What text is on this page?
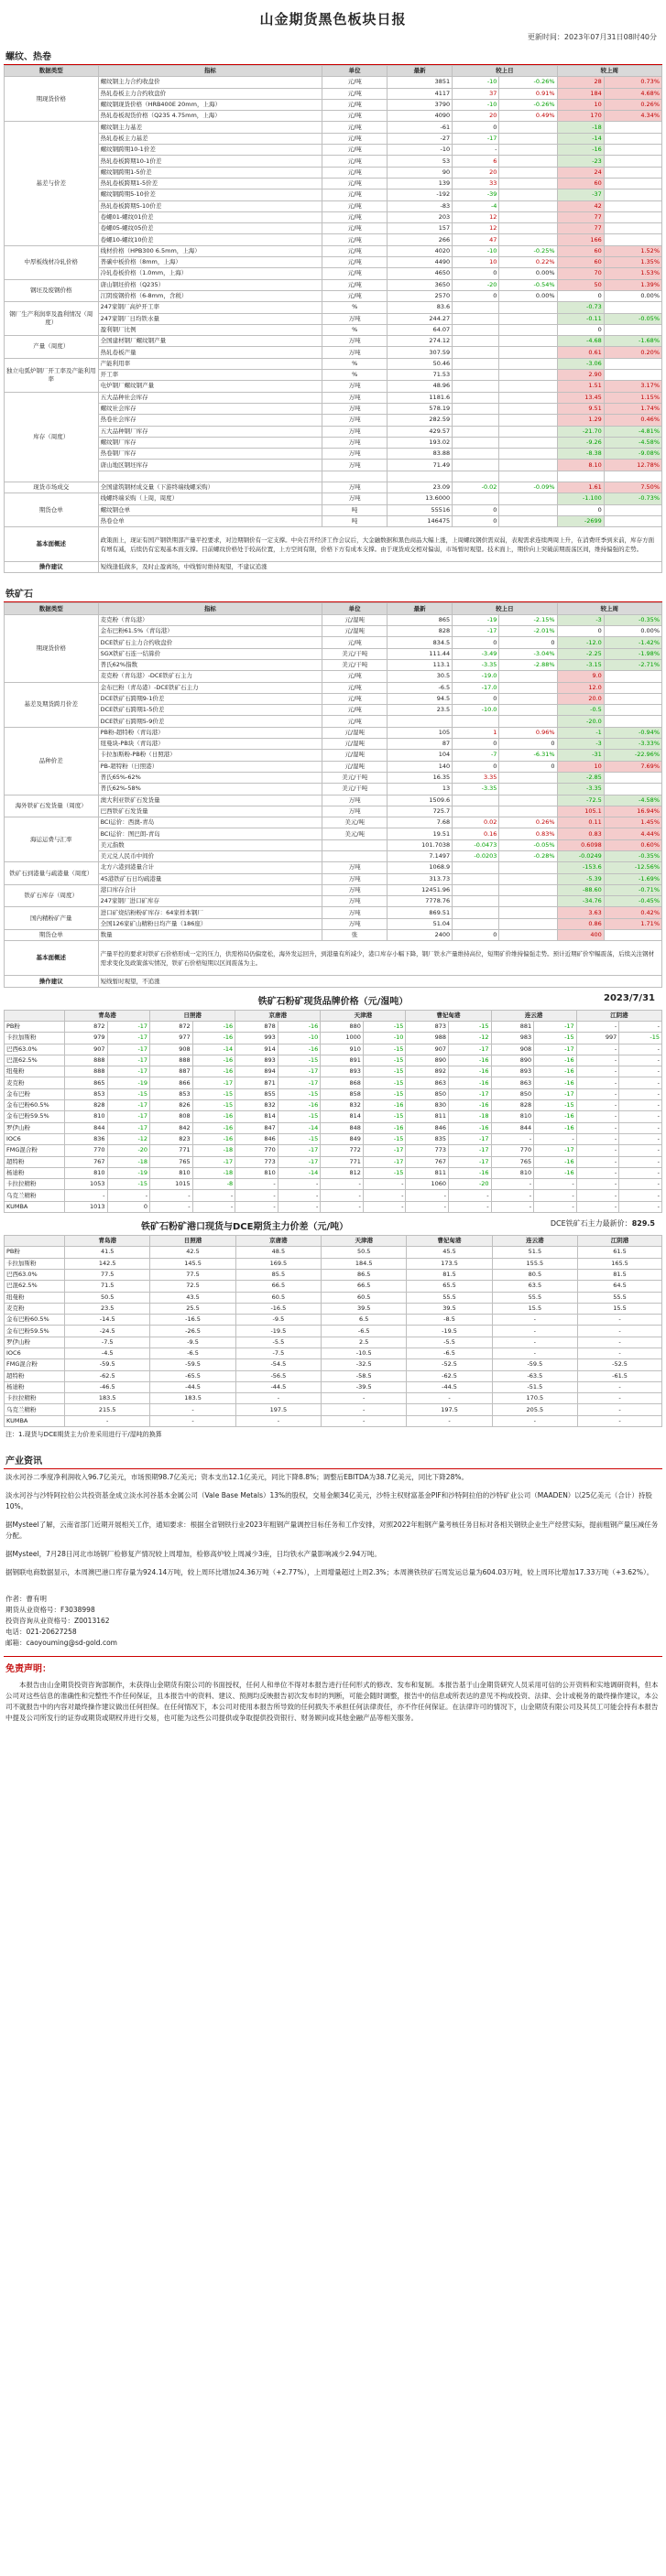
山金期货黑色板块日报
更新时间：2023年07月31日08时40分
螺纹、热卷
数据类型	指标	单位	最新	较上日		较上周	
期现货价格	螺纹钢主力合约收盘价	元/吨	3851	-10	-0.26%	28	0.73%
	热轧卷板主力合约收盘价	元/吨	4117	37	0.91%	184	4.68%
	螺纹钢现货价格（HRB400E 20mm，上海）	元/吨	3790	-10	-0.26%	10	0.26%
	热轧卷板现货价格（Q235 4.75mm，上海）	元/吨	4090	20	0.49%	170	4.34%
基差与价差	螺纹钢主力基差	元/吨	-61	0		-18	
	热轧卷板主力基差	元/吨	-27	-17		-14	
	螺纹钢跨期10-1价差	元/吨	-10	-		-16	
	热轧卷板跨期10-1价差	元/吨	53	6		-23	
	螺纹钢跨期1-5价差	元/吨	90	20		24	
	热轧卷板跨期1-5价差	元/吨	139	33		60	
	螺纹钢跨期5-10价差	元/吨	-192	-39		-37	
	热轧卷板跨期5-10价差	元/吨	-83	-4		42	
	卷螺01-螺纹01价差	元/吨	203	12		77	
	卷螺05-螺纹05价差	元/吨	157	12		77	
	卷螺10-螺纹10价差	元/吨	266	47		166	
中厚板线材冷轧价格	线材价格（HPB300 6.5mm，上海）	元/吨	4020	-10	-0.25%	60	1.52%
	普碳中板价格（8mm，上海）	元/吨	4490	10	0.22%	60	1.35%
	冷轧卷板价格（1.0mm，上海）	元/吨	4650	0	0.00%	70	1.53%
钢坯及废钢价格	唐山钢坯价格（Q235）	元/吨	3650	-20	-0.54%	50	1.39%
	江阴废钢价格（6-8mm，含税）	元/吨	2570	0	0.00%	0	0.00%
钢厂生产利润率及盈利情况（周度）	247家钢厂高炉开工率	%	83.6			-0.73	
	247家钢厂日均铁水量	万吨	244.27			-0.11	-0.05%
	盈利钢厂比例	%	64.07			0	
产量（周度）	全国建材钢厂螺纹钢产量	万吨	274.12			-4.68	-1.68%
	热轧卷板产量	万吨	307.59			0.61	0.20%
独立电弧炉钢厂开工率及产能利用率	产能利用率	%	50.46			-3.06	
	开工率	%	71.53			2.90	
	电炉钢厂螺纹钢产量	万吨	48.96			1.51	3.17%
库存（周度）	五大品种社会库存	万吨	1181.6			13.45	1.15%
	螺纹社会库存	万吨	578.19			9.51	1.74%
	热卷社会库存	万吨	282.59			1.29	0.46%
	五大品种钢厂库存	万吨	429.57			-21.70	-4.81%
	螺纹钢厂库存	万吨	193.02			-9.26	-4.58%
	热卷钢厂库存	万吨	83.88			-8.38	-9.08%
	唐山地区钢坯库存	万吨	71.49			8.10	12.78%

现货市场成交	全国建筑钢材成交量（下游终端线螺采购）	万吨	23.09	-0.02	-0.09%	1.61	7.50%
期货仓单	线螺终端采购（上周，周度）	万吨	13.6000			-1.100	-0.73%
	螺纹钢仓单	吨	55516	0		0	
	热卷仓单	吨	146475	0		-2699	
基本面概述	政策面上，现证有国产钢铁期部产量平控要求，对边期钢价有一定支撑。中央召开经济工作会议后，大金融数据和黑色商品大幅上涨，上周螺纹钢供需双弱，表观需求连续两周上升，在消费旺季到来前，库存方面有增有减，后续仍有宏观基本面支撑。目前螺纹价格处于较高位置，上方空间有限，价格下方有成本支撑。由于现货成交相对偏弱，市场暂时观望。技术面上，期价向上突破前期震荡区间，维持偏强的走势。						
操作建议	短线逢低做多，及时止盈离场，中线暂时维持观望，不建议追涨						
铁矿石
数据类型	指标	单位	最新	较上日		较上周	
期现货价格	麦克粉（青岛港）	元/湿吨	865	-19	-2.15%	-3	-0.35%
	金布巴粉61.5%（青岛港）	元/湿吨	828	-17	-2.01%	0	0.00%
	DCE铁矿石主力合约收盘价	元/吨	834.5	0	0	-12.0	-1.42%
	SGX铁矿石连一结算价	美元/干吨	111.44	-3.49	-3.04%	-2.25	-1.98%
	普氏62%指数	美元/干吨	113.1	-3.35	-2.88%	-3.15	-2.71%
	麦克粉（青岛港）-DCE铁矿石主力	元/吨	30.5	-19.0		9.0	
基差及期货跨月价差	金布巴粉（青岛港）-DCE铁矿石主力	元/吨	-6.5	-17.0		12.0	
	DCE铁矿石跨期9-1价差	元/吨	94.5	0		20.0	
	DCE铁矿石跨期1-5价差	元/吨	23.5	-10.0		-0.5	
	DCE铁矿石跨期5-9价差	元/吨				-20.0	
品种价差	PB粉-超特粉（青岛港）	元/湿吨	105	1	0.96%	-1	-0.94%
	纽曼块-PB块（青岛港）	元/湿吨	87	0	0	-3	-3.33%
	卡拉加斯粉-PB粉（日照港）	元/湿吨	104	-7	-6.31%	-31	-22.96%
	PB-超特粉（日照港）	元/湿吨	140	0	0	10	7.69%
	普氏65%-62%	美元/干吨	16.35	3.35		-2.85	
	普氏62%-58%	美元/干吨	13	-3.35		-3.35	
海外铁矿石发货量（周度）	澳大利亚铁矿石发货量	万吨	1509.6			-72.5	-4.58%
	巴西铁矿石发货量	万吨	725.7			105.1	16.94%
海运运费与汇率	BCI运价：西澳-青岛	美元/吨	7.68	0.02	0.26%	0.11	1.45%
	BCI运价：图巴朗-青岛	美元/吨	19.51	0.16	0.83%	0.83	4.44%
	美元指数		101.7038	-0.0473	-0.05%	0.6098	0.60%
	美元兑人民币中间价		7.1497	-0.0203	-0.28%	-0.0249	-0.35%
铁矿石到港量与疏港量（周度）	北方六港到港量合计	万吨	1068.9			-153.6	-12.56%
	45港铁矿石日均疏港量	万吨	313.73			-5.39	-1.69%
铁矿石库存（周度）	港口库存合计	万吨	12451.96			-88.60	-0.71%
	247家钢厂进口矿库存	万吨	7778.76			-34.76	-0.45%
国内精粉矿产量	进口矿烧结粉粉矿库存：64家样本钢厂	万吨	869.51			3.63	0.42%
	全国126家矿山精粉日均产量（186座）	万吨	51.04			0.86	1.71%
期货仓单	数量	张	2400	0		400	
基本面概述	产量平控的要求对铁矿石价格形成一定的压力，供需格局仍偏宽松，海外发运回升，到港量有所减少，港口库存小幅下降，钢厂铁水产量维持高位，短期矿价维持偏强走势。预计近期矿价窄幅震荡，后续关注钢材需求变化及政策落实情况，铁矿石价格短期以区间震荡为主。						
操作建议	短线暂时观望，不追涨						
铁矿石粉矿现货品牌价格（元/湿吨）	2023/7/31
	青岛港		日照港		京唐港		天津港		曹妃甸港		连云港		江阴港	
PB粉	872	-17	872	-16	878	-16	880	-15	873	-15	881	-17	-	-
卡拉加斯粉	979	-17	977	-16	993	-10	1000	-10	988	-12	983	-15	997	-15
巴西63.0%	907	-17	908	-14	914	-16	910	-15	907	-17	908	-17	-	-
巴混62.5%	888	-17	888	-16	893	-15	891	-15	890	-16	890	-16	-	-
纽曼粉	888	-17	887	-16	894	-17	893	-15	892	-16	893	-16	-	-
麦克粉	865	-19	866	-17	871	-17	868	-15	863	-16	863	-16	-	-
金布巴粉	853	-15	853	-15	855	-15	858	-15	850	-17	850	-17	-	-
金布巴粉60.5%	828	-17	826	-15	832	-16	832	-16	830	-16	828	-15	-	-
金布巴粉59.5%	810	-17	808	-16	814	-15	814	-15	811	-18	810	-16	-	-
罗伊山粉	844	-17	842	-16	847	-14	848	-16	846	-16	844	-16	-	-
IOC6	836	-12	823	-16	846	-15	849	-15	835	-17	-	-	-	-
FMG混合粉	770	-20	771	-18	770	-17	772	-17	773	-17	770	-17	-	-
超特粉	767	-18	765	-17	773	-17	771	-17	767	-17	765	-16	-	-
杨迪粉	810	-19	810	-18	810	-14	812	-15	811	-16	810	-16	-	-
卡拉拉精粉	1053	-15	1015	-8	-	-	-	-	1060	-20	-	-	-	-
乌克兰精粉	-	-	-	-	-	-	-	-	-	-	-	-	-	-
KUMBA	1013	0	-	-	-	-	-	-	-	-	-	-	-	-
铁矿石粉矿港口现货与DCE期货主力价差（元/吨）	DCE铁矿石主力最新价：829.5
	青岛港	日照港	京唐港	天津港	曹妃甸港	连云港	江阴港
PB粉	41.5	42.5	48.5	50.5	45.5	51.5	61.5
卡拉加斯粉	142.5	145.5	169.5	184.5	173.5	155.5	165.5
巴西63.0%	77.5	77.5	85.5	86.5	81.5	80.5	81.5
巴混62.5%	71.5	72.5	66.5	66.5	65.5	63.5	64.5
纽曼粉	50.5	43.5	60.5	60.5	55.5	55.5	55.5
麦克粉	23.5	25.5	-16.5	39.5	39.5	15.5	15.5
金布巴粉60.5%	-14.5	-16.5	-9.5	6.5	-8.5	-	-
金布巴粉59.5%	-24.5	-26.5	-19.5	-6.5	-19.5	-	-
罗伊山粉	-7.5	-9.5	-5.5	2.5	-5.5	-	-
IOC6	-4.5	-6.5	-7.5	-10.5	-6.5	-	-
FMG混合粉	-59.5	-59.5	-54.5	-32.5	-52.5	-59.5	-52.5
超特粉	-62.5	-65.5	-56.5	-58.5	-62.5	-63.5	-61.5
杨迪粉	-46.5	-44.5	-44.5	-39.5	-44.5	-51.5	-
卡拉拉精粉	183.5	183.5	-	-	-	170.5	-
乌克兰精粉	215.5	-	197.5	-	197.5	205.5	-
KUMBA	-	-	-	-	-	-	-
注：1.现货与DCE期货主力价差采用进行干/湿吨的换算
产业资讯

淡水河谷二季度净利润收入96.7亿美元，市场预期98.7亿美元；资本支出12.1亿美元，同比下降8.8%；调整后EBITDA为38.7亿美元，同比下降28%。

淡水河谷与沙特阿拉伯公共投资基金成立淡水河谷基本金属公司（Vale Base Metals）13%的股权，交易金额34亿美元，沙特主权财富基金PIF和沙特阿拉伯的沙特矿业公司（MAADEN）以25亿美元（合计）持股10%。

据Mysteel了解，云南省部门近期开展相关工作，通知要求：根据全省钢铁行业2023年粗钢产量调控目标任务和工作安排，对照2022年粗钢产量考核任务目标对各相关钢铁企业生产经营实际，提前粗钢产量压减任务分配。

据Mysteel，7月28日河北市场钢厂检修复产情况较上周增加，检修高炉较上周减少3座，日均铁水产量影响减少2.94万吨。

据钢联电商数据显示，本周澳巴港口库存量为924.14万吨，较上周环比增加24.36万吨（+2.77%），上周增量超过上周2.3%；本周澳铁铁矿石周发运总量为604.03万吨，较上周环比增加17.33万吨（+3.62%）。

作者：曹有明
期货从业资格号：F3038998
投资咨询从业资格号：Z0013162
电话：021-20627258
邮箱：caoyouming@sd-gold.com
免责声明：
本报告由山金期货投资咨询部制作，未获得山金期货有限公司的书面授权，任何人和单位不得对本报告进行任何形式的修改、发布和复制。本报告基于山金期货研究人员采用可信的公开资料和实地调研资料，但本公司对这些信息的准确性和完整性不作任何保证，且本报告中的资料、建议、预测均反映报告初次发布时的判断，可能会随时调整，报告中的信息或所表达的意见不构成投资、法律、会计或税务的最终操作建议，本公司不就报告中的内容对最终操作建议做出任何担保。在任何情况下，本公司对使用本报告所导致的任何损失不承担任何法律责任，亦不作任何保证。在法律许可的情况下，山金期货有限公司及其员工可能会持有本报告中提及公司所发行的证券或期货或期权并进行交易，也可能为这些公司提供或争取提供投资银行、财务顾问或其他金融产品等相关服务。
